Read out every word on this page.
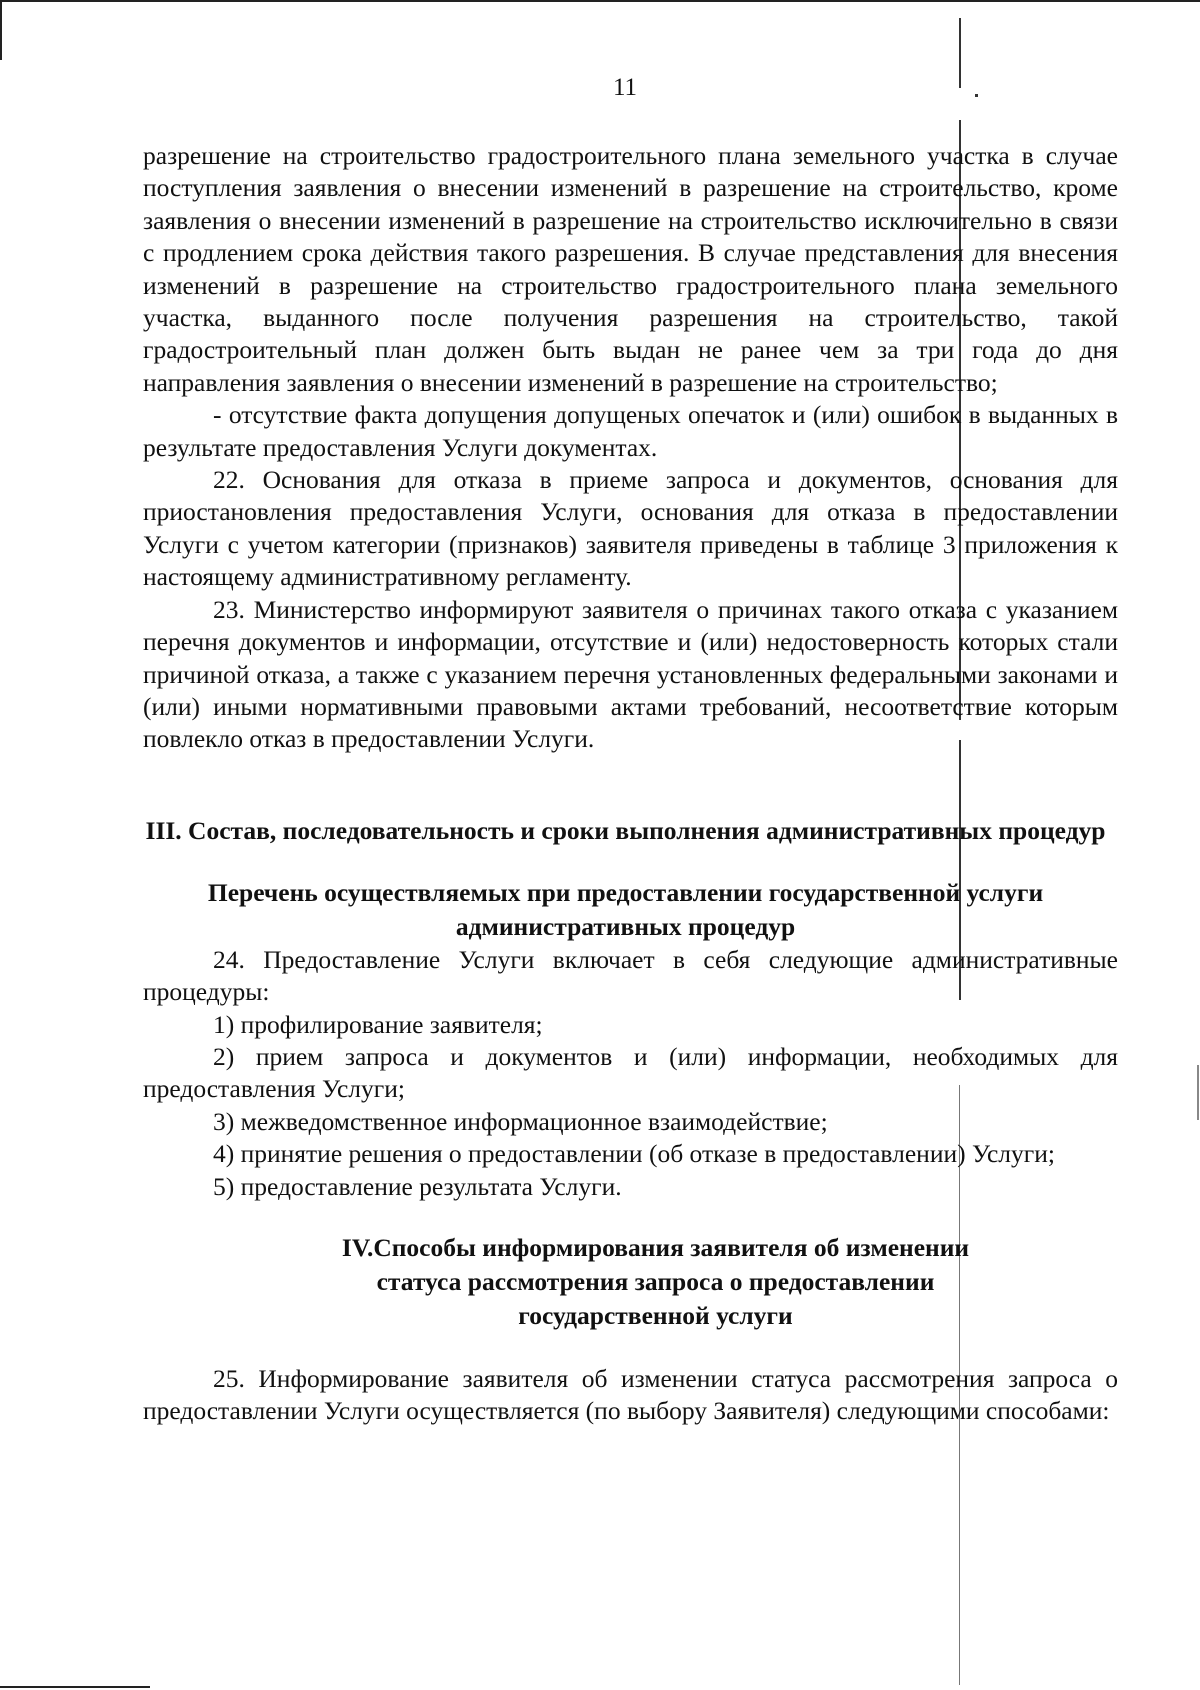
11

разрешение на строительство градостроительного плана земельного участка в случае поступления заявления о внесении изменений в разрешение на строительство, кроме заявления о внесении изменений в разрешение на строительство исключительно в связи с продлением срока действия такого разрешения. В случае представления для внесения изменений в разрешение на строительство градостроительного плана земельного участка, выданного после получения разрешения на строительство, такой градостроительный план должен быть выдан не ранее чем за три года до дня направления заявления о внесении изменений в разрешение на строительство;

- отсутствие факта допущения допущеных опечаток и (или) ошибок в выданных в результате предоставления Услуги документах.

22. Основания для отказа в приеме запроса и документов, основания для приостановления предоставления Услуги, основания для отказа в предоставлении Услуги с учетом категории (признаков) заявителя приведены в таблице 3 приложения к настоящему административному регламенту.

23. Министерство информируют заявителя о причинах такого отказа с указанием перечня документов и информации, отсутствие и (или) недостоверность которых стали причиной отказа, а также с указанием перечня установленных федеральными законами и (или) иными нормативными правовыми актами требований, несоответствие которым повлекло отказ в предоставлении Услуги.

III. Состав, последовательность и сроки выполнения административных процедур
Перечень осуществляемых при предоставлении государственной услуги административных процедур

24. Предоставление Услуги включает в себя следующие административные процедуры:

1) профилирование заявителя;

2) прием запроса и документов и (или) информации, необходимых для предоставления Услуги;

3) межведомственное информационное взаимодействие;

4) принятие решения о предоставлении (об отказе в предоставлении) Услуги;

5) предоставление результата Услуги.

IV.Способы информирования заявителя об изменении статуса рассмотрения запроса о предоставлении государственной услуги

25. Информирование заявителя об изменении статуса рассмотрения запроса о предоставлении Услуги осуществляется (по выбору Заявителя) следующими способами:
